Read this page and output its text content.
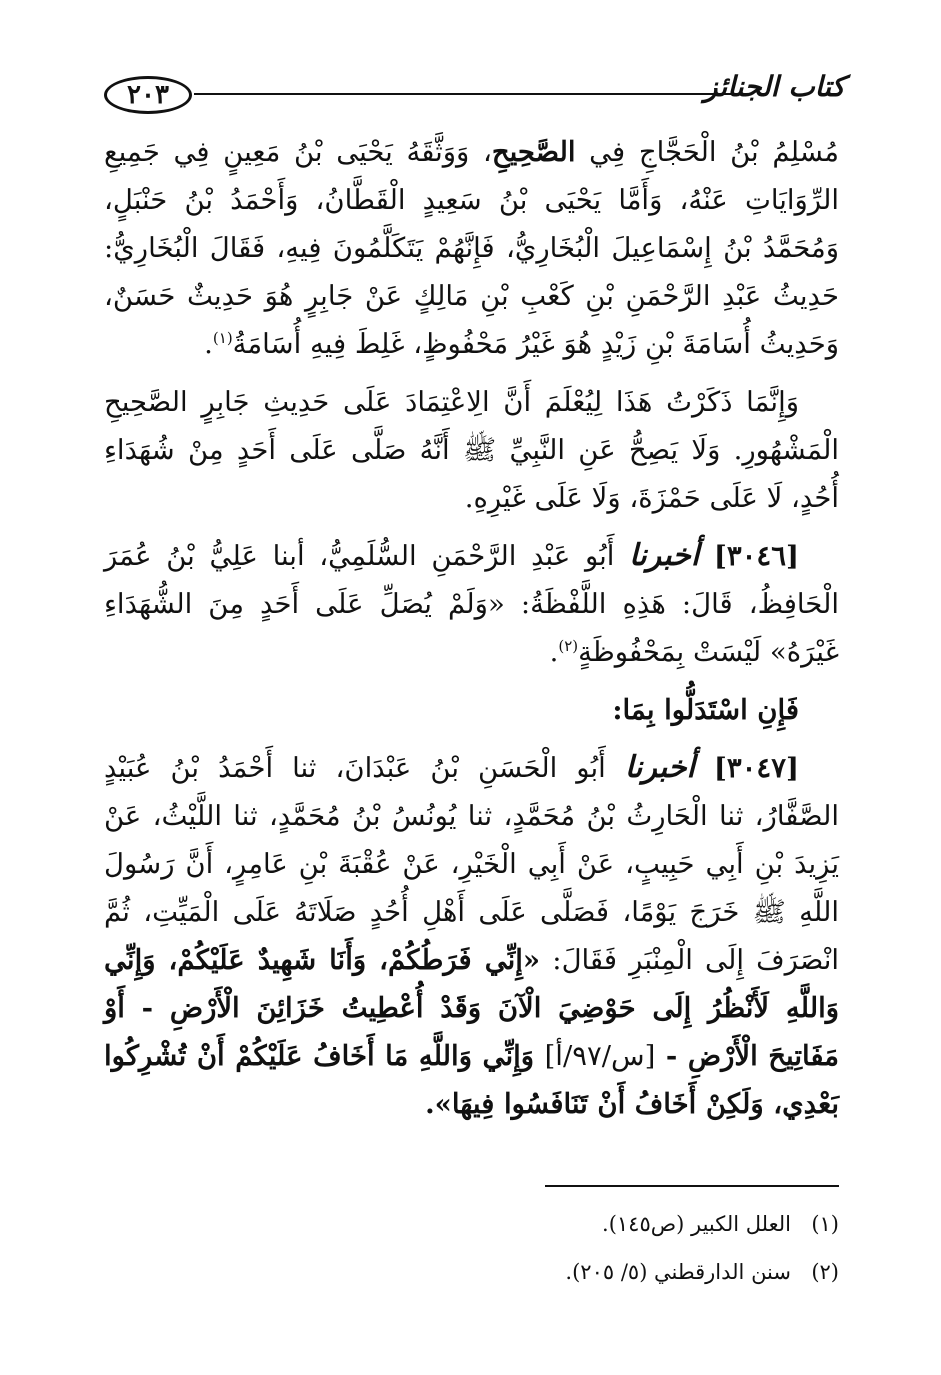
٢٠٣	كتاب الجنائز

مُسْلِمُ بْنُ الْحَجَّاجِ فِي الصَّحِيحِ، وَوَثَّقَهُ يَحْيَى بْنُ مَعِينٍ فِي جَمِيعِ الرِّوَايَاتِ عَنْهُ، وَأَمَّا يَحْيَى بْنُ سَعِيدٍ الْقَطَّانُ، وَأَحْمَدُ بْنُ حَنْبَلٍ، وَمُحَمَّدُ بْنُ إِسْمَاعِيلَ الْبُخَارِيُّ، فَإِنَّهُمْ يَتَكَلَّمُونَ فِيهِ، فَقَالَ الْبُخَارِيُّ: حَدِيثُ عَبْدِ الرَّحْمَنِ بْنِ كَعْبِ بْنِ مَالِكٍ عَنْ جَابِرٍ هُوَ حَدِيثٌ حَسَنٌ، وَحَدِيثُ أُسَامَةَ بْنِ زَيْدٍ هُوَ غَيْرُ مَحْفُوظٍ، غَلِطَ فِيهِ أُسَامَةُ$^{(١)}$.

وَإِنَّمَا ذَكَرْتُ هَذَا لِيُعْلَمَ أَنَّ الِاعْتِمَادَ عَلَى حَدِيثِ جَابِرٍ الصَّحِيحِ الْمَشْهُورِ. وَلَا يَصِحُّ عَنِ النَّبِيِّ ﷺ أَنَّهُ صَلَّى عَلَى أَحَدٍ مِنْ شُهَدَاءِ أُحُدٍ، لَا عَلَى حَمْزَةَ، وَلَا عَلَى غَيْرِهِ.

[٣٠٤٦] أخبرنا أَبُو عَبْدِ الرَّحْمَنِ السُّلَمِيُّ، أبنا عَلِيُّ بْنُ عُمَرَ الْحَافِظُ، قَالَ: هَذِهِ اللَّفْظَةُ: «وَلَمْ يُصَلِّ عَلَى أَحَدٍ مِنَ الشُّهَدَاءِ غَيْرَهُ» لَيْسَتْ بِمَحْفُوظَةٍ$^{(٢)}$.

فَإِنِ اسْتَدَلُّوا بِمَا:

[٣٠٤٧] أخبرنا أَبُو الْحَسَنِ بْنُ عَبْدَانَ، ثنا أَحْمَدُ بْنُ عُبَيْدٍ الصَّفَّارُ، ثنا الْحَارِثُ بْنُ مُحَمَّدٍ، ثنا يُونُسُ بْنُ مُحَمَّدٍ، ثنا اللَّيْثُ، عَنْ يَزِيدَ بْنِ أَبِي حَبِيبٍ، عَنْ أَبِي الْخَيْرِ، عَنْ عُقْبَةَ بْنِ عَامِرٍ، أَنَّ رَسُولَ اللَّهِ ﷺ خَرَجَ يَوْمًا، فَصَلَّى عَلَى أَهْلِ أُحُدٍ صَلَاتَهُ عَلَى الْمَيِّتِ، ثُمَّ انْصَرَفَ إِلَى الْمِنْبَرِ فَقَالَ: «إِنِّي فَرَطُكُمْ، وَأَنَا شَهِيدٌ عَلَيْكُمْ، وَإِنِّي وَاللَّهِ لَأَنْظُرُ إِلَى حَوْضِيَ الْآنَ وَقَدْ أُعْطِيتُ خَزَائِنَ الْأَرْضِ - أَوْ مَفَاتِيحَ الْأَرْضِ - [س/٩٧/أ] وَإِنِّي وَاللَّهِ مَا أَخَافُ عَلَيْكُمْ أَنْ تُشْرِكُوا بَعْدِي، وَلَكِنْ أَخَافُ أَنْ تَنَافَسُوا فِيهَا».

(١)العلل الكبير (ص١٤٥).

(٢)سنن الدارقطني (٥/ ٢٠٥).
